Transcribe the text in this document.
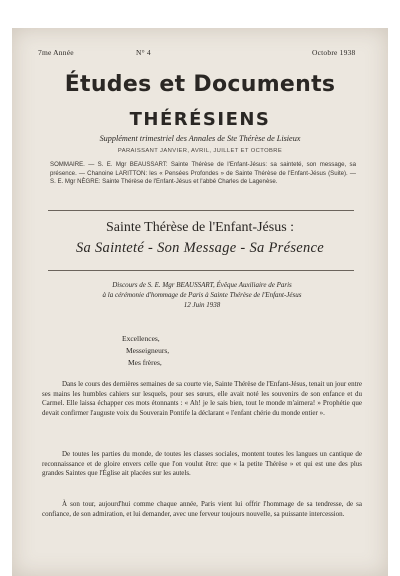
7me Année	N° 4	Octobre 1938
Études et Documents
THÉRÉSIENS
Supplément trimestriel des Annales de Ste Thérèse de Lisieux
PARAISSANT JANVIER, AVRIL, JUILLET ET OCTOBRE
SOMMAIRE. — S. E. Mgr BEAUSSART: Sainte Thérèse de l'Enfant-Jésus: sa sainteté, son message, sa présence. — Chanoine LARITTON: les « Pensées Profondes » de Sainte Thérèse de l'Enfant-Jésus (Suite). — S. E. Mgr NÈGRE: Sainte Thérèse de l'Enfant-Jésus et l'abbé Charles de Lagenèse.
Sainte Thérèse de l'Enfant-Jésus :
Sa Sainteté - Son Message - Sa Présence
Discours de S. E. Mgr BEAUSSART, Évêque Auxiliaire de Paris
à la cérémonie d'hommage de Paris à Sainte Thérèse de l'Enfant-Jésus
12 Juin 1938
Excellences,
Messeigneurs,
Mes frères,
Dans le cours des dernières semaines de sa courte vie, Sainte Thérèse de l'Enfant-Jésus, tenait un jour entre ses mains les humbles cahiers sur lesquels, pour ses sœurs, elle avait noté les souvenirs de son enfance et du Carmel. Elle laissa échapper ces mots étonnants : « Ah! je le sais bien, tout le monde m'aimera! » Prophétie que devait confirmer l'auguste voix du Souverain Pontife la déclarant « l'enfant chérie du monde entier ».
De toutes les parties du monde, de toutes les classes sociales, montent toutes les langues un cantique de reconnaissance et de gloire envers celle que l'on voulut être: que « la petite Thérèse » et qui est une des plus grandes Saintes que l'Église ait placées sur les autels.
À son tour, aujourd'hui comme chaque année, Paris vient lui offrir l'hommage de sa tendresse, de sa confiance, de son admiration, et lui demander, avec une ferveur toujours nouvelle, sa puissante intercession.
